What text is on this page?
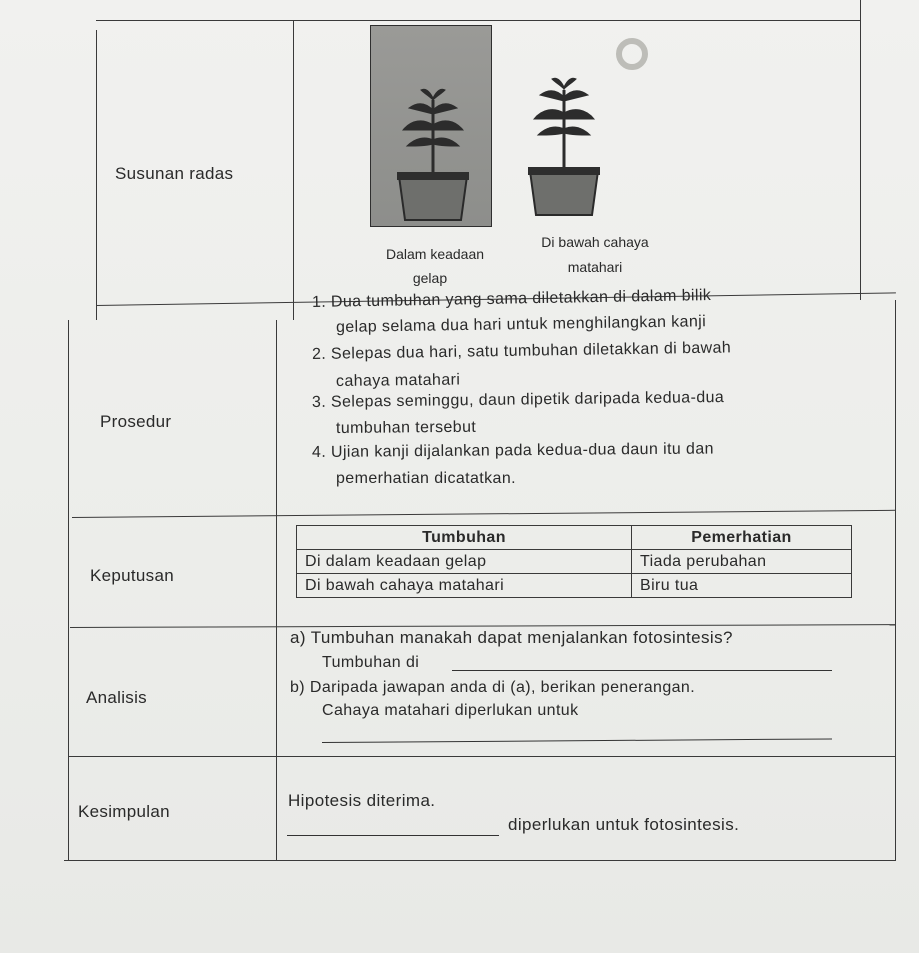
Susunan radas
Dalam keadaan
gelap
Di bawah cahaya
matahari
Prosedur
1. Dua tumbuhan yang sama diletakkan di dalam bilik
gelap selama dua hari untuk menghilangkan kanji
2. Selepas dua hari, satu tumbuhan diletakkan di bawah
cahaya matahari
3. Selepas seminggu, daun dipetik daripada kedua-dua
tumbuhan tersebut
4. Ujian kanji dijalankan pada kedua-dua daun itu dan
pemerhatian dicatatkan.
Keputusan
Tumbuhan	Pemerhatian
Di dalam keadaan gelap	Tiada perubahan
Di bawah cahaya matahari	Biru tua
Analisis
a) Tumbuhan manakah dapat menjalankan fotosintesis?
Tumbuhan di
b) Daripada jawapan anda di (a), berikan penerangan.
Cahaya matahari diperlukan untuk
Kesimpulan
Hipotesis diterima.
diperlukan untuk fotosintesis.
